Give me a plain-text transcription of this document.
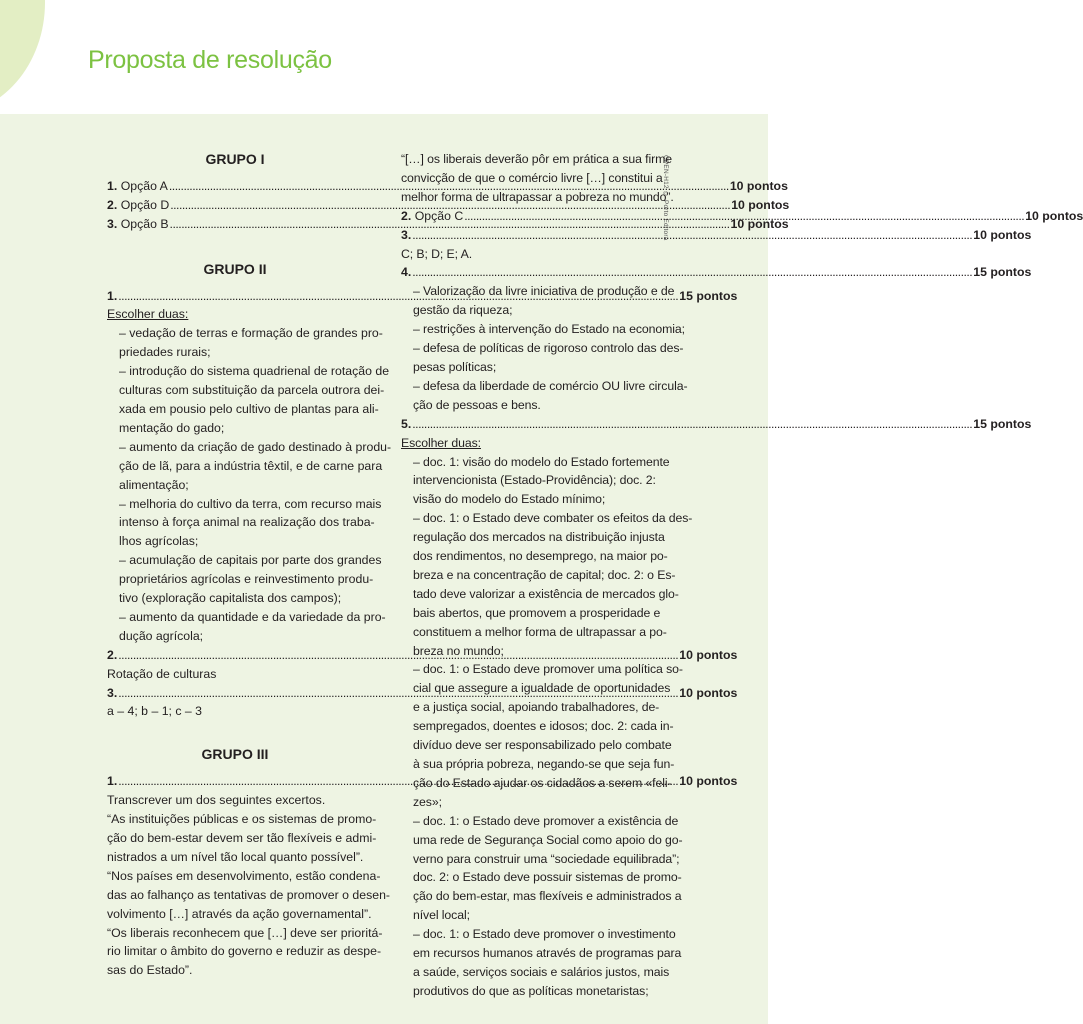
Proposta de resolução
CPEN-H12 © Porto Editora
GRUPO I
1. Opção A .....	10 pontos
2. Opção D .....	10 pontos
3. Opção B .....	10 pontos
GRUPO II
1. .....	15 pontos
Escolher duas:
– vedação de terras e formação de grandes pro-
priedades rurais;
– introdução do sistema quadrienal de rotação de
culturas com substituição da parcela outrora dei-
xada em pousio pelo cultivo de plantas para ali-
mentação do gado;
– aumento da criação de gado destinado à produ-
ção de lã, para a indústria têxtil, e de carne para
alimentação;
– melhoria do cultivo da terra, com recurso mais
intenso à força animal na realização dos traba-
lhos agrícolas;
– acumulação de capitais por parte dos grandes
proprietários agrícolas e reinvestimento produ-
tivo (exploração capitalista dos campos);
– aumento da quantidade e da variedade da pro-
dução agrícola;
2. .....	10 pontos
Rotação de culturas
3. .....	10 pontos
a – 4; b – 1; c – 3
GRUPO III
1. .....	10 pontos
Transcrever um dos seguintes excertos.
“As instituições públicas e os sistemas de promo-
ção do bem-estar devem ser tão flexíveis e admi-
nistrados a um nível tão local quanto possível”.
“Nos países em desenvolvimento, estão condena-
das ao falhanço as tentativas de promover o desen-
volvimento […] através da ação governamental”.
“Os liberais reconhecem que […] deve ser prioritá-
rio limitar o âmbito do governo e reduzir as despe-
sas do Estado”.
“[…] os liberais deverão pôr em prática a sua firme
convicção de que o comércio livre […] constitui a
melhor forma de ultrapassar a pobreza no mundo”.
2. Opção C .....	10 pontos
3. .....	10 pontos
C; B; D; E; A.
4. .....	15 pontos
– Valorização da livre iniciativa de produção e de
gestão da riqueza;
– restrições à intervenção do Estado na economia;
– defesa de políticas de rigoroso controlo das des-
pesas políticas;
– defesa da liberdade de comércio OU livre circula-
ção de pessoas e bens.
5. .....	15 pontos
Escolher duas:
– doc. 1: visão do modelo do Estado fortemente
intervencionista (Estado-Providência); doc. 2:
visão do modelo do Estado mínimo;
– doc. 1: o Estado deve combater os efeitos da des-
regulação dos mercados na distribuição injusta
dos rendimentos, no desemprego, na maior po-
breza e na concentração de capital; doc. 2: o Es-
tado deve valorizar a existência de mercados glo-
bais abertos, que promovem a prosperidade e
constituem a melhor forma de ultrapassar a po-
breza no mundo;
– doc. 1: o Estado deve promover uma política so-
cial que assegure a igualdade de oportunidades
e a justiça social, apoiando trabalhadores, de-
sempregados, doentes e idosos; doc. 2: cada in-
divíduo deve ser responsabilizado pelo combate
à sua própria pobreza, negando-se que seja fun-
ção do Estado ajudar os cidadãos a serem «feli-
zes»;
– doc. 1: o Estado deve promover a existência de
uma rede de Segurança Social como apoio do go-
verno para construir uma “sociedade equilibrada”;
doc. 2: o Estado deve possuir sistemas de promo-
ção do bem-estar, mas flexíveis e administrados a
nível local;
– doc. 1: o Estado deve promover o investimento
em recursos humanos através de programas para
a saúde, serviços sociais e salários justos, mais
produtivos do que as políticas monetaristas;
